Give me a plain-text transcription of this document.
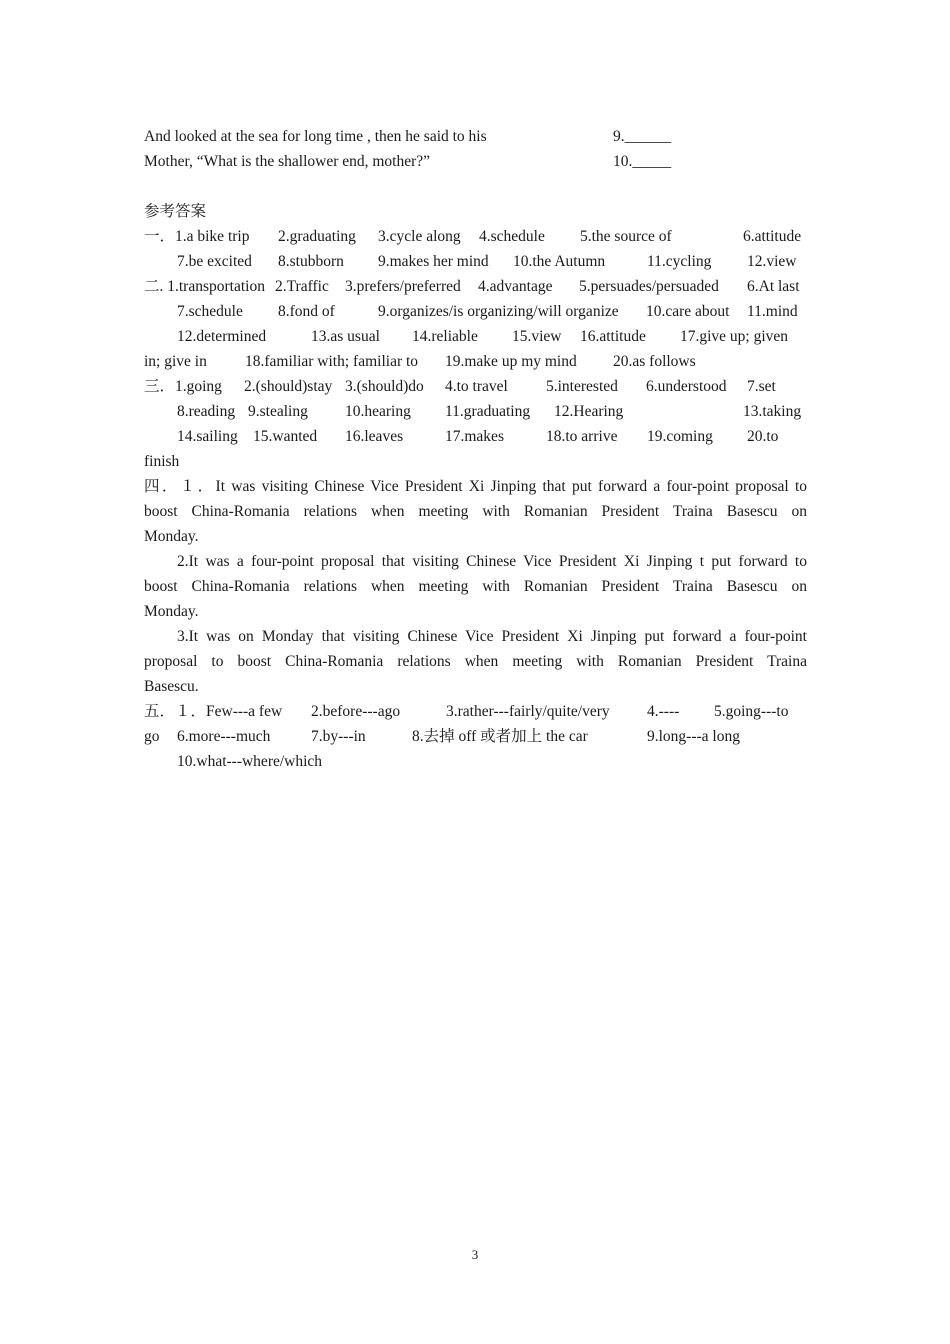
And looked at the sea for long time , then he said to his	9.______
Mother, “What is the shallower end, mother?”	10._____
参考答案
一．1.a bike trip 2.graduating 3.cycle along 4.schedule 5.the source of	6.attitude
7.be excited 8.stubborn 9.makes her mind 10.the Autumn	11.cycling 12.view
二. 1.transportation 2.Traffic 3.prefers/preferred 4.advantage 5.persuades/persuaded 6.At last
7.schedule 8.fond of	9.organizes/is organizing/will organize 10.care about 11.mind
12.determined	13.as usual 14.reliable 15.view 16.attitude 17.give up; given
in; give in 18.familiar with; familiar to 19.make up my mind 20.as follows
三．1.going 2.(should)stay 3.(should)do 4.to travel 5.interested 6.understood 7.set
8.reading 9.stealing 10.hearing 11.graduating 12.Hearing	13.taking
14.sailing 15.wanted 16.leaves	17.makes	18.to arrive 19.coming 20.to
finish
四．１．It was visiting Chinese Vice President Xi Jinping that put forward a four-point proposal to
boost China-Romania relations when meeting with Romanian President Traina Basescu on
Monday.
2.It was a four-point proposal that visiting Chinese Vice President Xi Jinping t put forward to
boost China-Romania relations when meeting with Romanian President Traina Basescu on
Monday.
3.It was on Monday that visiting Chinese Vice President Xi Jinping put forward a four-point
proposal to boost China-Romania relations when meeting with Romanian President Traina
Basescu.
五．１．Few---a few 2.before---ago	3.rather---fairly/quite/very 4.---- 5.going---to
go 6.more---much	7.by---in	8.去掉 off 或者加上 the car	9.long---a long
10.what---where/which
3
